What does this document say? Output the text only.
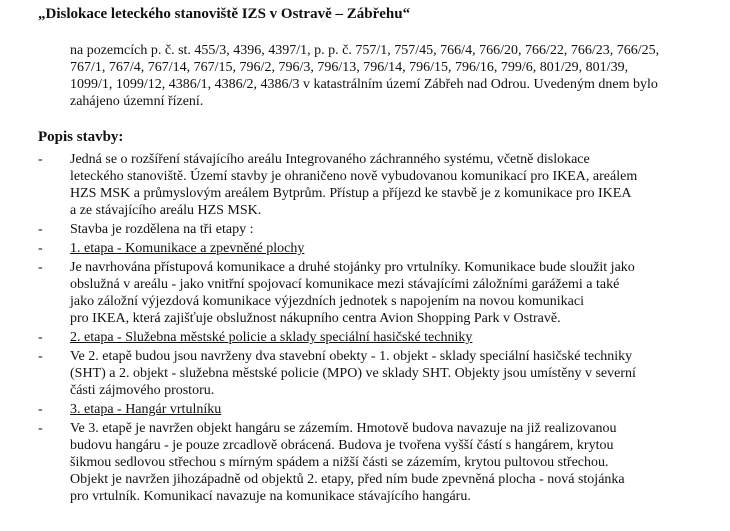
„Dislokace leteckého stanoviště IZS v Ostravě – Zábřehu“
na pozemcích p. č. st. 455/3, 4396, 4397/1, p. p. č. 757/1, 757/45, 766/4, 766/20, 766/22, 766/23, 766/25,
767/1, 767/4, 767/14, 767/15, 796/2, 796/3, 796/13, 796/14, 796/15, 796/16, 799/6, 801/29, 801/39,
1099/1, 1099/12, 4386/1, 4386/2, 4386/3 v katastrálním území Zábřeh nad Odrou. Uvedeným dnem bylo
zahájeno územní řízení.
Popis stavby:
-	Jedná se o rozšíření stávajícího areálu Integrovaného záchranného systému, včetně dislokace
leteckého stanoviště. Území stavby je ohraničeno nově vybudovanou komunikací pro IKEA, areálem
HZS MSK a průmyslovým areálem Bytprům. Přístup a příjezd ke stavbě je z komunikace pro IKEA
a ze stávajícího areálu HZS MSK.
-	Stavba je rozdělena na tři etapy :
-	1. etapa - Komunikace a zpevněné plochy
-	Je navrhována přístupová komunikace a druhé stojánky pro vrtulníky. Komunikace bude sloužit jako
obslužná v areálu - jako vnitřní spojovací komunikace mezi stávajícími záložními garážemi a také
jako záložní výjezdová komunikace výjezdních jednotek s napojením na novou komunikaci
pro IKEA, která zajišťuje obslužnost nákupního centra Avion Shopping Park v Ostravě.
-	2. etapa - Služebna městské policie a sklady speciální hasičské techniky
-	Ve 2. etapě budou jsou navrženy dva stavební obekty - 1. objekt - sklady speciální hasičské techniky
(SHT) a 2. objekt - služebna městské policie (MPO) ve sklady SHT. Objekty jsou umístěny v severní
části zájmového prostoru.
-	3. etapa - Hangár vrtulníku
-	Ve 3. etapě je navržen objekt hangáru se zázemím. Hmotově budova navazuje na již realizovanou
budovu hangáru - je pouze zrcadlově obrácená. Budova je tvořena vyšší částí s hangárem, krytou
šikmou sedlovou střechou s mírným spádem a nižší části se zázemím, krytou pultovou střechou.
Objekt je navržen jihozápadně od objektů 2. etapy, před ním bude zpevněná plocha - nová stojánka
pro vrtulník. Komunikací navazuje na komunikace stávajícího hangáru.
